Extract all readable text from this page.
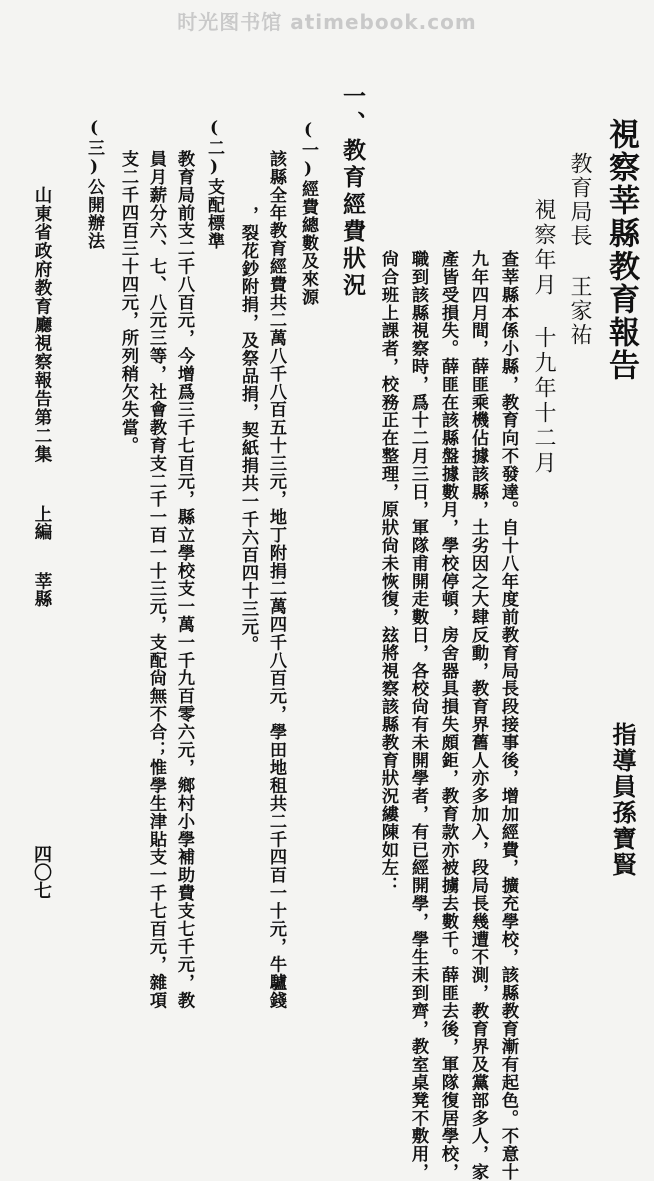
时光图书馆 atimebook.com
視察莘縣教育報告
教育局長 王家祐
視察年月 十九年十二月
指導員孫寶賢
查莘縣本係小縣，教育向不發達。自十八年度前教育局長段接事後，增加經費，擴充學校，該縣教育漸有起色。不意十
九年四月間，薛匪乘機佔據該縣，土劣因之大肆反動，教育界舊人亦多加入，段局長幾遭不測，教育界及黨部多人，家
產皆受損失。薛匪在該縣盤據數月，學校停頓，房舍器具損失頗鉅，教育款亦被擄去數千。薛匪去後，軍隊復居學校，
職到該縣視察時，爲十二月三日，軍隊甫開走數日，各校尙有未開學者，有已經開學，學生未到齊，教室桌凳不敷用，
尙合班上課者，校務正在整理，原狀尙未恢復，玆將視察該縣教育狀況縷陳如左：
一、教育經費狀況
(一)經費總數及來源
該縣全年教育經費共二萬八千八百五十三元，地丁附捐二萬四千八百元，學田地租共二千四百一十元，牛驢錢
，裂花鈔附捐，及祭品捐，契紙捐共一千六百四十三元。
(二)支配標準
教育局前支二千八百元，今增爲三千七百元，縣立學校支一萬一千九百零六元，鄉村小學補助費支七千元，教
員月薪分六、七、八元三等，社會教育支二千一百一十三元，支配尙無不合；惟學生津貼支一千七百元，雜項
支二千四百三十四元，所列稍欠失當。
(三)公開辦法
山東省政府教育廳視察報告第二集
上編
莘縣
四〇七
